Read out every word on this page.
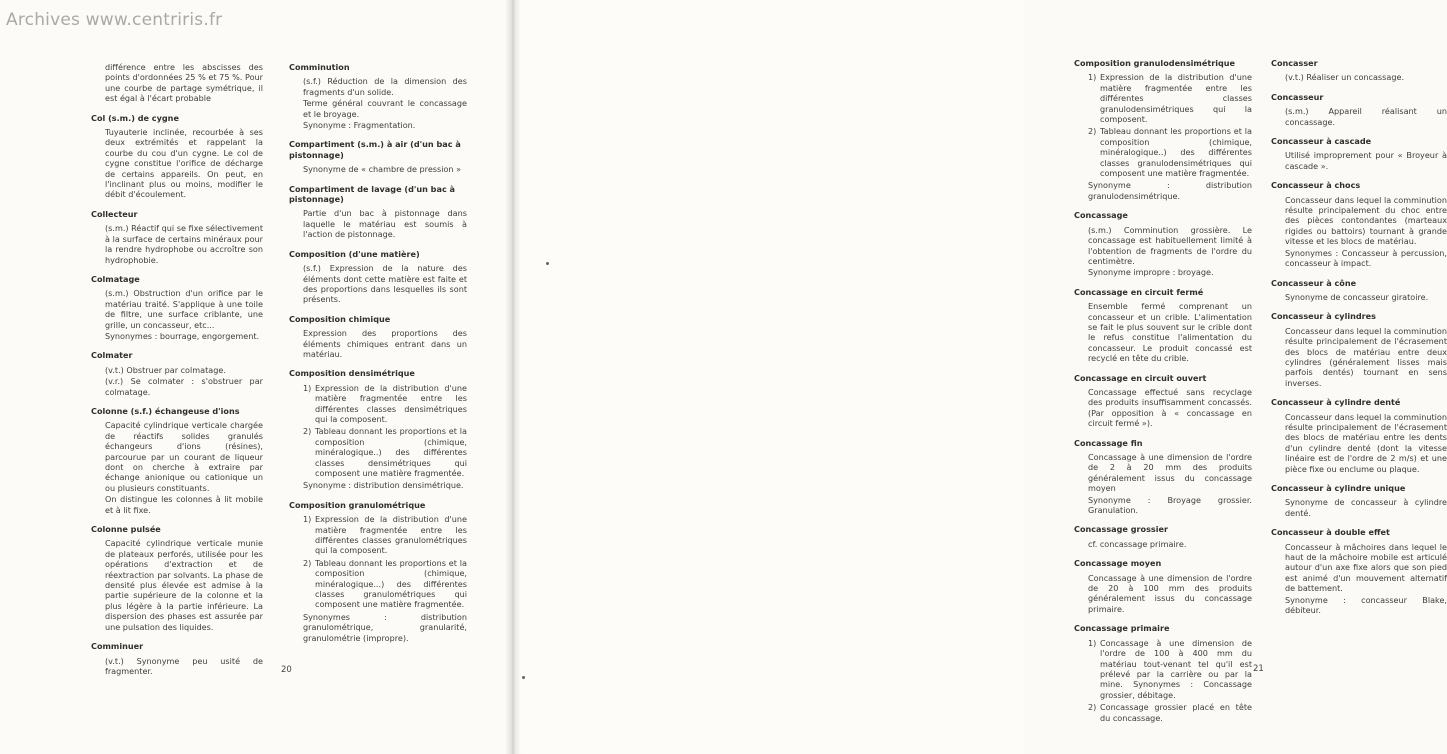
Archives www.centriris.fr

différence entre les abscisses des points d'ordonnées 25 % et 75 %. Pour une courbe de partage symétrique, il est égal à l'écart probable

Col (s.m.) de cygne

Tuyauterie inclinée, recourbée à ses deux extrémités et rappelant la courbe du cou d'un cygne. Le col de cygne constitue l'orifice de décharge de certains appareils. On peut, en l'inclinant plus ou moins, modifier le débit d'écoulement.

Collecteur

(s.m.) Réactif qui se fixe sélectivement à la surface de certains minéraux pour la rendre hydrophobe ou accroître son hydrophobie.

Colmatage

(s.m.) Obstruction d'un orifice par le matériau traité. S'applique à une toile de filtre, une surface criblante, une grille, un concasseur, etc...

Synonymes : bourrage, engorgement.

Colmater

(v.t.) Obstruer par colmatage.

(v.r.) Se colmater : s'obstruer par colmatage.

Colonne (s.f.) échangeuse d'ions

Capacité cylindrique verticale chargée de réactifs solides granulés échangeurs d'ions (résines), parcourue par un courant de liqueur dont on cherche à extraire par échange anionique ou cationique un ou plusieurs constituants.

On distingue les colonnes à lit mobile et à lit fixe.

Colonne pulsée

Capacité cylindrique verticale munie de plateaux perforés, utilisée pour les opérations d'extraction et de réextraction par solvants. La phase de densité plus élevée est admise à la partie supérieure de la colonne et la plus légère à la partie inférieure. La dispersion des phases est assurée par une pulsation des liquides.

Comminuer

(v.t.) Synonyme peu usité de fragmenter.

Comminution

(s.f.) Réduction de la dimension des fragments d'un solide.

Terme général couvrant le concassage et le broyage.

Synonyme : Fragmentation.

Compartiment (s.m.) à air (d'un bac à pistonnage)

Synonyme de « chambre de pression »

Compartiment de lavage (d'un bac à pistonnage)

Partie d'un bac à pistonnage dans laquelle le matériau est soumis à l'action de pistonnage.

Composition (d'une matière)

(s.f.) Expression de la nature des éléments dont cette matière est faite et des proportions dans lesquelles ils sont présents.

Composition chimique

Expression des proportions des éléments chimiques entrant dans un matériau.

Composition densimétrique
1) Expression de la distribution d'une matière fragmentée entre les différentes classes densimétriques qui la composent.
2) Tableau donnant les proportions et la composition (chimique, minéralogique..) des différentes classes densimétriques qui composent une matière fragmentée.

Synonyme : distribution densimétrique.

Composition granulométrique
1) Expression de la distribution d'une matière fragmentée entre les différentes classes granulométriques qui la composent.
2) Tableau donnant les proportions et la composition (chimique, minéralogique...) des différentes classes granulométriques qui composent une matière fragmentée.

Synonymes : distribution granulométrique, granularité, granulométrie (impropre).

20
Composition granulodensimétrique
1) Expression de la distribution d'une matière fragmentée entre les différentes classes granulodensimétriques qui la composent.
2) Tableau donnant les proportions et la composition (chimique, minéralogique..) des différentes classes granulodensimétriques qui composent une matière fragmentée.

Synonyme : distribution granulodensimétrique.

Concassage

(s.m.) Comminution grossière. Le concassage est habituellement limité à l'obtention de fragments de l'ordre du centimètre.

Synonyme impropre : broyage.

Concassage en circuit fermé

Ensemble fermé comprenant un concasseur et un crible. L'alimentation se fait le plus souvent sur le crible dont le refus constitue l'alimentation du concasseur. Le produit concassé est recyclé en tête du crible.

Concassage en circuit ouvert

Concassage effectué sans recyclage des produits insuffisamment concassés. (Par opposition à « concassage en circuit fermé »).

Concassage fin

Concassage à une dimension de l'ordre de 2 à 20 mm des produits généralement issus du concassage moyen

Synonyme : Broyage grossier. Granulation.

Concassage grossier

cf. concassage primaire.

Concassage moyen

Concassage à une dimension de l'ordre de 20 à 100 mm des produits généralement issus du concassage primaire.

Concassage primaire
1) Concassage à une dimension de l'ordre de 100 à 400 mm du matériau tout-venant tel qu'il est prélevé par la carrière ou par la mine. Synonymes : Concassage grossier, débitage.
2) Concassage grossier placé en tête du concassage.
Concasser

(v.t.) Réaliser un concassage.

Concasseur

(s.m.) Appareil réalisant un concassage.

Concasseur à cascade

Utilisé improprement pour « Broyeur à cascade ».

Concasseur à chocs

Concasseur dans lequel la comminution résulte principalement du choc entre des pièces contondantes (marteaux rigides ou battoirs) tournant à grande vitesse et les blocs de matériau.

Synonymes : Concasseur à percussion, concasseur à impact.

Concasseur à cône

Synonyme de concasseur giratoire.

Concasseur à cylindres

Concasseur dans lequel la comminution résulte principalement de l'écrasement des blocs de matériau entre deux cylindres (généralement lisses mais parfois dentés) tournant en sens inverses.

Concasseur à cylindre denté

Concasseur dans lequel la comminution résulte principalement de l'écrasement des blocs de matériau entre les dents d'un cylindre denté (dont la vitesse linéaire est de l'ordre de 2 m/s) et une pièce fixe ou enclume ou plaque.

Concasseur à cylindre unique

Synonyme de concasseur à cylindre denté.

Concasseur à double effet

Concasseur à mâchoires dans lequel le haut de la mâchoire mobile est articulé autour d'un axe fixe alors que son pied est animé d'un mouvement alternatif de battement.

Synonyme : concasseur Blake, débiteur.

21
